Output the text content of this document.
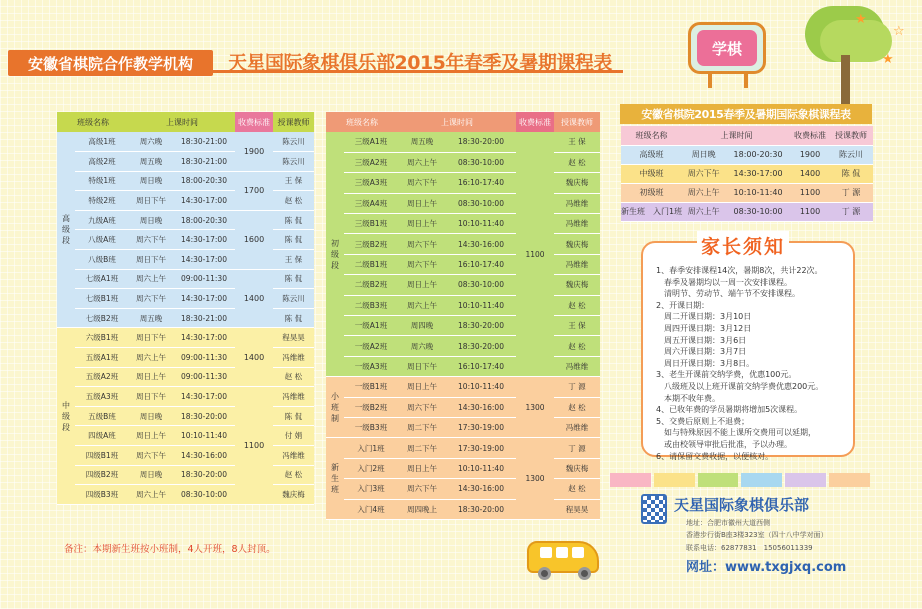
安徽省棋院合作教学机构	天星国际象棋俱乐部2015年春季及暑期课程表
学棋
★
☆
★
班级名称		上课时间		收费标准	授课教师
高级段	高级1班	周六晚	18:30-21:00	1900	陈云川
	高级2班	周五晚	18:30-21:00		陈云川
	特级1班	周日晚	18:00-20:30	1700	王 保
	特级2班	周日下午	14:30-17:00		赵 松
	九级A班	周日晚	18:00-20:30	1600	陈 侃
	八级A班	周六下午	14:30-17:00		陈 侃
	八级B班	周日下午	14:30-17:00		王 保
	七级A1班	周六上午	09:00-11:30	1400	陈 侃
	七级B1班	周六下午	14:30-17:00		陈云川
	七级B2班	周五晚	18:30-21:00		陈 侃
中级段	六级B1班	周日下午	14:30-17:00	1400	程昊昊
	五级A1班	周六上午	09:00-11:30		冯维维
	五级A2班	周日上午	09:00-11:30		赵 松
	五级A3班	周日下午	14:30-17:00	1100	冯维维
	五级B班	周日晚	18:30-20:00		陈 侃
	四级A班	周日上午	10:10-11:40		付 娟
	四级B1班	周六下午	14:30-16:00		冯维维
	四级B2班	周日晚	18:30-20:00		赵 松
	四级B3班	周六上午	08:30-10:00		魏庆梅
班级名称		上课时间		收费标准	授课教师
初级段	三级A1班	周五晚	18:30-20:00	1100	王 保
	三级A2班	周六上午	08:30-10:00		赵 松
	三级A3班	周六下午	16:10-17:40		魏庆梅
	三级A4班	周日上午	08:30-10:00		冯维维
	三级B1班	周日上午	10:10-11:40		冯维维
	三级B2班	周六下午	14:30-16:00		魏庆梅
	二级B1班	周六下午	16:10-17:40		冯维维
	二级B2班	周日上午	08:30-10:00		魏庆梅
	二级B3班	周六上午	10:10-11:40		赵 松
	一级A1班	周四晚	18:30-20:00		王 保
	一级A2班	周六晚	18:30-20:00		赵 松
	一级A3班	周日下午	16:10-17:40		冯维维
小班制	一级B1班	周日上午	10:10-11:40	1300	丁 源
	一级B2班	周六下午	14:30-16:00		赵 松
	一级B3班	周二下午	17:30-19:00		冯维维
新生班	入门1班	周二下午	17:30-19:00	1300	丁 源
	入门2班	周日上午	10:10-11:40		魏庆梅
	入门3班	周六下午	14:30-16:00		赵 松
	入门4班	周四晚上	18:30-20:00		程昊昊
安徽省棋院2015春季及暑期国际象棋课程表
班级名称	上课时间		收费标准	授课教师
高级班	周日晚	18:00-20:30	1900	陈云川
中级班	周六下午	14:30-17:00	1400	陈 侃
初级班	周六上午	10:10-11:40	1100	丁 源
新生班　入门1班	周六上午	08:30-10:00	1100	丁 源
家长须知
1、春季安排课程14次，暑期8次，共计22次。
　春季及暑期均以一周一次安排课程。
　清明节、劳动节、端午节不安排课程。
2、开课日期：
　周二开课日期：3月10日
　周四开课日期：3月12日
　周五开课日期：3月6日
　周六开课日期：3月7日
　周日开课日期：3月8日。
3、老生开课前交纳学费，优惠100元。
　八级班及以上班开课前交纳学费优惠200元。
　本期不收年费。
4、已收年费的学员暑期将增加5次课程。
5、交费后原则上不退费；
　如与特殊原因不能上课所交费用可以延期，
　或由校领导审批后批准，予以办理。
6、请保留交费收据，以便核对。
天星国际象棋俱乐部
地址：合肥市徽州大道西侧
香港步行街B座3楼323室（四十八中学对面）
联系电话：62877831　15056011339
网址：www.txgjxq.com
备注：本期新生班按小班制，4人开班，8人封顶。
